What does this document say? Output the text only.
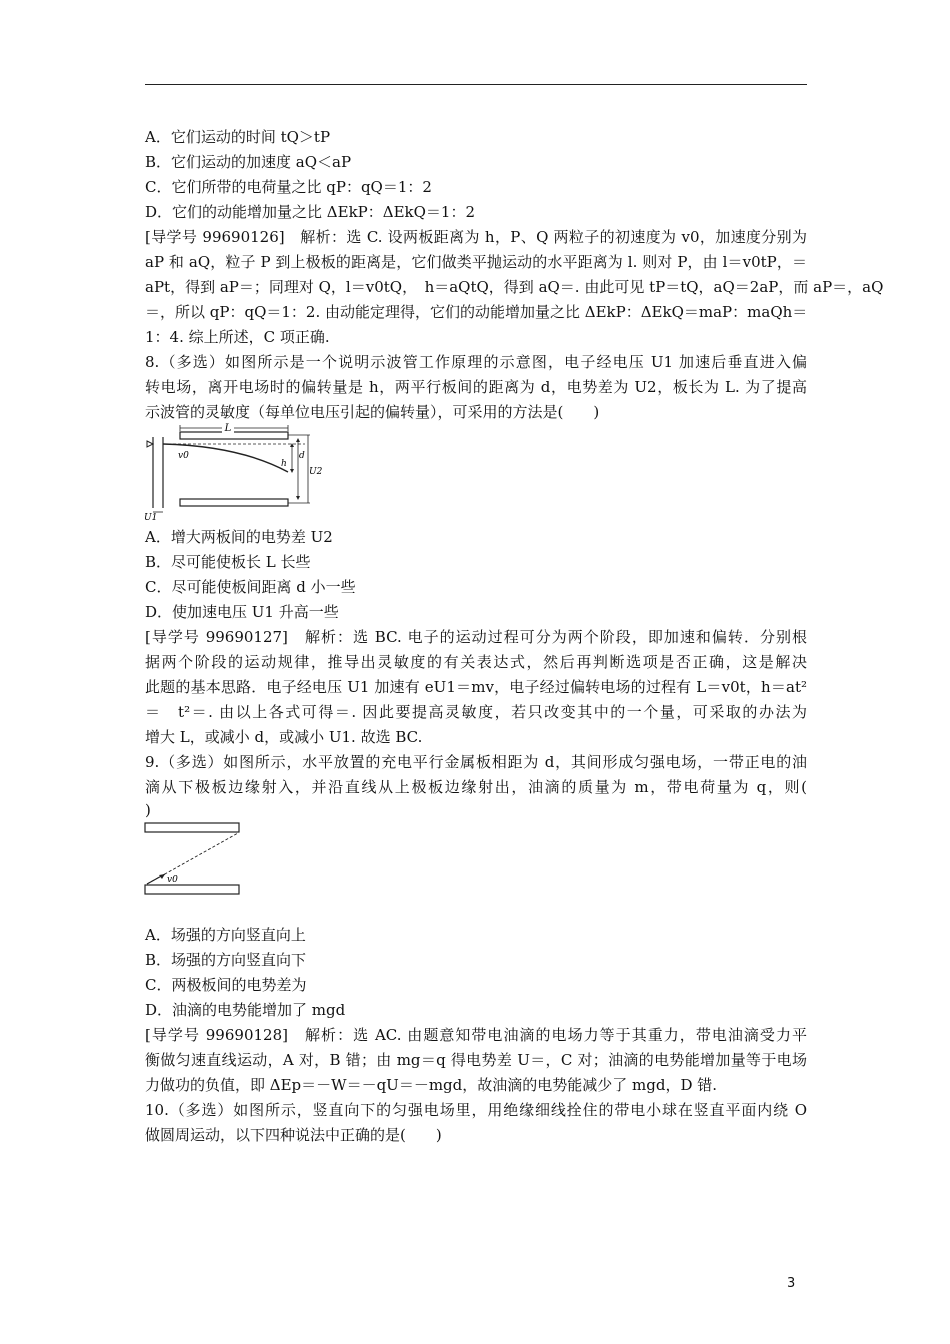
A．它们运动的时间 tQ＞tP
B．它们运动的加速度 aQ＜aP
C．它们所带的电荷量之比 qP：qQ＝1：2
D．它们的动能增加量之比 ΔEkP：ΔEkQ＝1：2
[导学号 99690126]　解析：选 C. 设两板距离为 h，P、Q 两粒子的初速度为 v0，加速度分别为
aP 和 aQ，粒子 P 到上极板的距离是，它们做类平抛运动的水平距离为 l. 则对 P，由 l＝v0tP，＝
aPt，得到 aP＝；同理对 Q，l＝v0tQ，　h＝aQtQ，得到 aQ＝. 由此可见 tP＝tQ，aQ＝2aP，而 aP＝，aQ
＝，所以 qP：qQ＝1：2. 由动能定理得，它们的动能增加量之比 ΔEkP：ΔEkQ＝maP：maQh＝
1：4. 综上所述，C 项正确.
8.（多选）如图所示是一个说明示波管工作原理的示意图，电子经电压 U1 加速后垂直进入偏
转电场，离开电场时的偏转量是 h，两平行板间的距离为 d，电势差为 U2，板长为 L. 为了提高
示波管的灵敏度（每单位电压引起的偏转量），可采用的方法是(　　)
L
v0
h
d
U2
U1
A．增大两板间的电势差 U2
B．尽可能使板长 L 长些
C．尽可能使板间距离 d 小一些
D．使加速电压 U1 升高一些
[导学号 99690127]　解析：选 BC. 电子的运动过程可分为两个阶段，即加速和偏转．分别根
据两个阶段的运动规律，推导出灵敏度的有关表达式，然后再判断选项是否正确，这是解决
此题的基本思路．电子经电压 U1 加速有 eU1＝mv，电子经过偏转电场的过程有 L＝v0t，h＝at²
＝　t²＝. 由以上各式可得＝. 因此要提高灵敏度，若只改变其中的一个量，可采取的办法为
增大 L，或减小 d，或减小 U1. 故选 BC.
9.（多选）如图所示，水平放置的充电平行金属板相距为 d，其间形成匀强电场，一带正电的油
滴从下极板边缘射入，并沿直线从上极板边缘射出，油滴的质量为 m，带电荷量为 q，则(
)
v0
A．场强的方向竖直向上
B．场强的方向竖直向下
C．两极板间的电势差为
D．油滴的电势能增加了 mgd
[导学号 99690128]　解析：选 AC. 由题意知带电油滴的电场力等于其重力，带电油滴受力平
衡做匀速直线运动，A 对，B 错；由 mg＝q 得电势差 U＝，C 对；油滴的电势能增加量等于电场
力做功的负值，即 ΔEp＝－W＝－qU＝－mgd，故油滴的电势能减少了 mgd，D 错.
10.（多选）如图所示，竖直向下的匀强电场里，用绝缘细线拴住的带电小球在竖直平面内绕 O
做圆周运动，以下四种说法中正确的是(　　)
3
